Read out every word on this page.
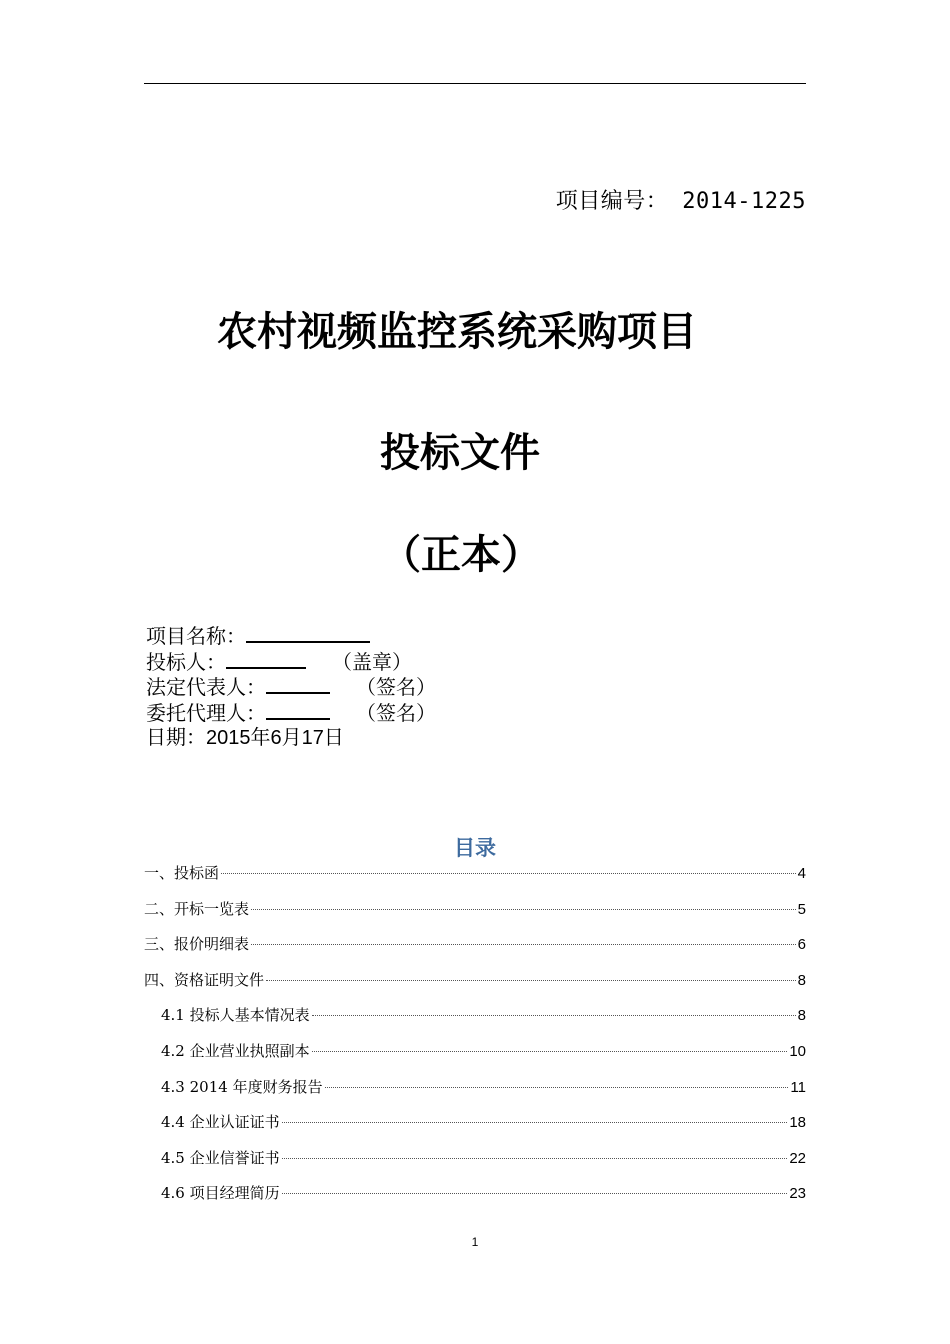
项目编号： 2014-1225
农村视频监控系统采购项目
投标文件
（正本）
项目名称：
投标人：	（盖章）
法定代表人：	（签名）
委托代理人：	（签名）
日期：2015年6月17日
目录
一、投标函	4
二、开标一览表	5
三、报价明细表	6
四、资格证明文件	8
4.1 投标人基本情况表	8
4.2 企业营业执照副本	10
4.3 2014 年度财务报告	11
4.4 企业认证证书	18
4.5 企业信誉证书	22
4.6 项目经理简历	23
1
